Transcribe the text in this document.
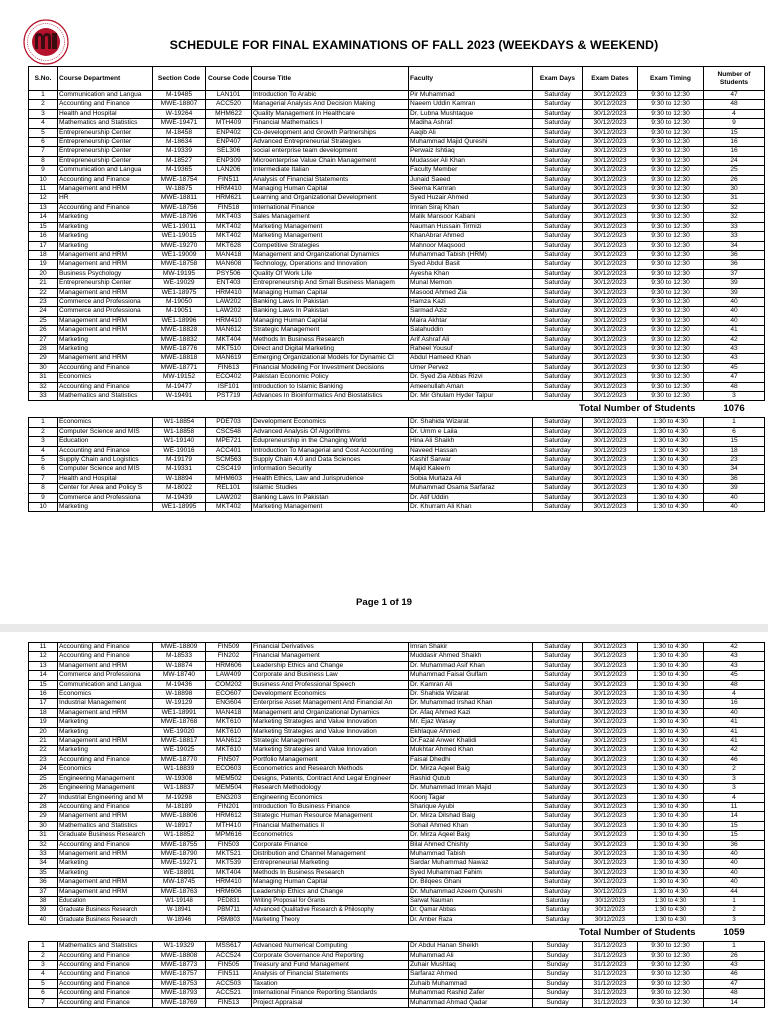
SCHEDULE FOR FINAL EXAMINATIONS OF FALL 2023 (WEEKDAYS & WEEKEND)
S.No.	Course Department	Section Code	Course Code	Course Title	Faculty	Exam Days	Exam Dates	Exam Timing	Number of Students
1	Communication and Langua	M-19485	LAN101	Introduction To Arabic	Pir Muhammad	Saturday	30/12/2023	9:30 to 12:30	47
2	Accounting and Finance	MWE-18807	ACC520	Managerial Analysis And Decision Making	Naeem Uddin Kamran	Saturday	30/12/2023	9:30 to 12:30	48
3	Health and Hospital	W-19264	MHM622	Quality Management In Healthcare	Dr. Lubna Mushtaque	Saturday	30/12/2023	9:30 to 12:30	4
4	Mathematics and Statistics	MWE-19471	MTH409	Financial Mathematics I	Madiha Ashraf	Saturday	30/12/2023	9:30 to 12:30	9
5	Entrepreneurship Center	M-18458	ENP402	Co-development and Growth Partnerships	Aaqib Ali	Saturday	30/12/2023	9:30 to 12:30	15
6	Entrepreneurship Center	M-18634	ENP407	Advanced Entrepreneurial Strategies	Muhammad Majid Qureshi	Saturday	30/12/2023	9:30 to 12:30	16
7	Entrepreneurship Center	M-19339	SEL306	social enterprise team development	Perwaiz Ishtiaq	Saturday	30/12/2023	9:30 to 12:30	16
8	Entrepreneurship Center	M-18527	ENP309	Microenterprise Value Chain Management	Mudasser Ali Khan	Saturday	30/12/2023	9:30 to 12:30	24
9	Communication and Langua	M-19365	LAN206	Intermediate Italian	Faculty Member	Saturday	30/12/2023	9:30 to 12:30	25
10	Accounting and Finance	MWE-18754	FIN511	Analysis of Financial Statements	Junaid Saeed	Saturday	30/12/2023	9:30 to 12:30	26
11	Management and HRM	W-18875	HRM410	Managing Human Capital	Seema Kamran	Saturday	30/12/2023	9:30 to 12:30	30
12	HR	MWE-18811	HRM621	Learning and Organizational Development	Syed Huzair Ahmed	Saturday	30/12/2023	9:30 to 12:30	31
13	Accounting and Finance	MWE-18756	FIN518	International Finance	Imran Siraj Khan	Saturday	30/12/2023	9:30 to 12:30	32
14	Marketing	MWE-18796	MKT403	Sales Management	Malik Mansoor Kabani	Saturday	30/12/2023	9:30 to 12:30	32
15	Marketing	WE1-19011	MKT402	Marketing Management	Nauman Hussain Tirmizi	Saturday	30/12/2023	9:30 to 12:30	33
16	Marketing	WE1-19015	MKT402	Marketing Management	KhanAbrar Ahmed	Saturday	30/12/2023	9:30 to 12:30	33
17	Marketing	MWE-19270	MKT628	Competitive Strategies	Mahnoor Maqsood	Saturday	30/12/2023	9:30 to 12:30	34
18	Management and HRM	WE1-19009	MAN418	Management and Organizational Dynamics	Muhammad Tabish (HRM)	Saturday	30/12/2023	9:30 to 12:30	36
19	Management and HRM	MWE-18758	MAN608	Technology, Operations and Innovation	Syed Abdul Basit	Saturday	30/12/2023	9:30 to 12:30	36
20	Business Psychology	MW-19195	PSY506	Quality Of Work Life	Ayesha Khan	Saturday	30/12/2023	9:30 to 12:30	37
21	Entrepreneurship Center	WE-19029	ENT403	Entrepreneurship And Small Business Managem	Munal Memon	Saturday	30/12/2023	9:30 to 12:30	39
22	Management and HRM	WE1-18975	HRM410	Managing Human Capital	Masood Ahmed Zia	Saturday	30/12/2023	9:30 to 12:30	39
23	Commerce and Professiona	M-19050	LAW202	Banking Laws In Pakistan	Hamza Kazi	Saturday	30/12/2023	9:30 to 12:30	40
24	Commerce and Professiona	M-19051	LAW202	Banking Laws In Pakistan	Sarmad Aziz	Saturday	30/12/2023	9:30 to 12:30	40
25	Management and HRM	WE1-18996	HRM410	Managing Human Capital	Maira Akhtar	Saturday	30/12/2023	9:30 to 12:30	40
26	Management and HRM	MWE-18828	MAN612	Strategic Management	Salahuddin	Saturday	30/12/2023	9:30 to 12:30	41
27	Marketing	MWE-18832	MKT404	Methods In Business Research	Arif Ashraf Ali	Saturday	30/12/2023	9:30 to 12:30	42
28	Marketing	MWE-18776	MKT510	Direct and Digital Marketing	Raheel Yousuf	Saturday	30/12/2023	9:30 to 12:30	43
29	Management and HRM	MWE-18818	MAN619	Emerging Organizational Models for Dynamic Cl	Abdul Hameed Khan	Saturday	30/12/2023	9:30 to 12:30	43
30	Accounting and Finance	MWE-18771	FIN613	Financial Modeling For Investment Decisions	Umer Pervez	Saturday	30/12/2023	9:30 to 12:30	45
31	Economics	MW-19152	ECO402	Pakistan Economic Policy	Dr. Syed Zia Abbas Rizvi	Saturday	30/12/2023	9:30 to 12:30	47
32	Accounting and Finance	M-19477	ISF101	Introduction to Islamic Banking	Ameenullah Aman	Saturday	30/12/2023	9:30 to 12:30	48
33	Mathematics and Statistics	W-19491	PST719	Advances In Bioinformatics And Biostatistics	Dr. Mir Ghulam Hyder Talpur	Saturday	30/12/2023	9:30 to 12:30	3
Total Number of Students									1076
1	Economics	W1-18854	PDE703	Development Economics	Dr. Shahida Wizarat	Saturday	30/12/2023	1:30 to 4:30	1
2	Computer Science and MIS	W1-18858	CSC548	Advanced Analysis Of Algorithms	Dr. Umm e Laila	Saturday	30/12/2023	1:30 to 4:30	6
3	Education	W1-19140	MPE721	Edupreneurship in the Changing World	Hina Ali Shaikh	Saturday	30/12/2023	1:30 to 4:30	15
4	Accounting and Finance	WE-19016	ACC401	Introduction To Managerial and Cost Accounting	Naveed Hassan	Saturday	30/12/2023	1:30 to 4:30	18
5	Supply Chain and Logistics	M-19179	SCM563	Supply Chain 4.0 and Data Sciences	Kashif Sarwar	Saturday	30/12/2023	1:30 to 4:30	23
6	Computer Science and MIS	M-19331	CSC419	Information Security	Majid Kaleem	Saturday	30/12/2023	1:30 to 4:30	34
7	Health and Hospital	W-18894	MHM603	Health Ethics, Law and Jurisprudence	Sobia Murtaza Ali	Saturday	30/12/2023	1:30 to 4:30	36
8	Center for Area and Policy S	M-18022	REL101	Islamic Studies	Muhammad Osama Sarfaraz	Saturday	30/12/2023	1:30 to 4:30	39
9	Commerce and Professiona	M-19439	LAW202	Banking Laws In Pakistan	Dr. Atif Uddin	Saturday	30/12/2023	1:30 to 4:30	40
10	Marketing	WE1-18995	MKT402	Marketing Management	Dr. Khurram Ali Khan	Saturday	30/12/2023	1:30 to 4:30	40
Page 1 of 19
11	Accounting and Finance	MWE-18809	FIN509	Financial Derivatives	Imran Shakir	Saturday	30/12/2023	1:30 to 4:30	42
12	Accounting and Finance	M-18533	FIN202	Financial Management	Muddasir Ahmed Shaikh	Saturday	30/12/2023	1:30 to 4:30	43
13	Management and HRM	W-18874	HRM606	Leadership Ethics and Change	Dr. Muhammad Asif Khan	Saturday	30/12/2023	1:30 to 4:30	43
14	Commerce and Professiona	MW-18740	LAW409	Corporate and Business Law	Muhammad Faisal Gulfam	Saturday	30/12/2023	1:30 to 4:30	45
15	Communication and Langua	M-19436	COM202	Business And Professional Speech	Dr. Kamran Ali	Saturday	30/12/2023	1:30 to 4:30	48
16	Economics	W-18898	ECO607	Development Economics	Dr. Shahida Wizarat	Saturday	30/12/2023	1:30 to 4:30	4
17	Industrial Management	W-19129	ENG604	Enterprise Asset Management And Financial An	Dr. Muhammad Irshad Khan	Saturday	30/12/2023	1:30 to 4:30	16
18	Management and HRM	WE1-18991	MAN418	Management and Organizational Dynamics	Dr. Afaq Ahmed Kazi	Saturday	30/12/2023	1:30 to 4:30	40
19	Marketing	MWE-18768	MKT610	Marketing Strategies and Value Innovation	Mr. Ejaz Wasay	Saturday	30/12/2023	1:30 to 4:30	41
20	Marketing	WE-19020	MKT610	Marketing Strategies and Value Innovation	Ekhlaque Ahmed	Saturday	30/12/2023	1:30 to 4:30	41
21	Management and HRM	MWE-18817	MAN612	Strategic Management	Dr.Fazal Anwer Khalidi	Saturday	30/12/2023	1:30 to 4:30	41
22	Marketing	WE-19025	MKT610	Marketing Strategies and Value Innovation	Mukhtar Ahmed Khan	Saturday	30/12/2023	1:30 to 4:30	42
23	Accounting and Finance	MWE-18770	FIN507	Portfolio Management	Faisal Dhedhi	Saturday	30/12/2023	1:30 to 4:30	46
24	Economics	W1-18839	ECO603	Econometrics and Research Methods	Dr. Mirza Aqeel Baig	Saturday	30/12/2023	1:30 to 4:30	2
25	Engineering Management	W-19308	MEM502	Designs, Patents, Contract And Legal Engineer	Rashid Qutub	Saturday	30/12/2023	1:30 to 4:30	3
26	Engineering Management	W1-18837	MEM504	Research Methodology	Dr. Muhammad Imran Majid	Saturday	30/12/2023	1:30 to 4:30	3
27	Industrial Engineering and M	M-19298	ENG203	Engineering Economics	Koonj Tagar	Saturday	30/12/2023	1:30 to 4:30	4
28	Accounting and Finance	M-18189	FIN201	Introduction To Business Finance	Sharique Ayubi	Saturday	30/12/2023	1:30 to 4:30	11
29	Management and HRM	MWE-18806	HRM612	Strategic Human Resource Management	Dr. Mirza Dilshad Baig	Saturday	30/12/2023	1:30 to 4:30	14
30	Mathematics and Statistics	W-18917	MTH410	Financial Mathematics II	Sohail Ahmed Khan	Saturday	30/12/2023	1:30 to 4:30	15
31	Graduate Business Research	W1-18852	MPM616	Econometrics	Dr. Mirza Aqeel Baig	Saturday	30/12/2023	1:30 to 4:30	15
32	Accounting and Finance	MWE-18755	FIN503	Corporate Finance	Bilal Ahmed Chishty	Saturday	30/12/2023	1:30 to 4:30	36
33	Management and HRM	MWE-18790	MKT521	Distribution and Channel Management	Muhammad Tabish	Saturday	30/12/2023	1:30 to 4:30	40
34	Marketing	MWE-19271	MKT539	Entrepreneurial Marketing	Sardar Muhammad Nawaz	Saturday	30/12/2023	1:30 to 4:30	40
35	Marketing	WE-18891	MKT404	Methods In Business Research	Syed Muhammad Fahim	Saturday	30/12/2023	1:30 to 4:30	40
36	Management and HRM	MW-18745	HRM410	Managing Human Capital	Dr. Bilqees Ghani	Saturday	30/12/2023	1:30 to 4:30	40
37	Management and HRM	MWE-18763	HRM606	Leadership Ethics and Change	Dr. Muhammad Azeem Qureshi	Saturday	30/12/2023	1:30 to 4:30	44
38	Education	W1-19148	PED831	Writing Proposal for Grants	Sarwat Nauman	Saturday	30/12/2023	1:30 to 4:30	1
39	Graduate Business Research	W-18941	PBM711	Advanced Qualitative Research & Philosophy	Dr. Qamar Abbas	Saturday	30/12/2023	1:30 to 4:30	2
40	Graduate Business Research	W-18946	PBM803	Marketing Theory	Dr. Amber Raza	Saturday	30/12/2023	1:30 to 4:30	3
Total Number of Students									1059
1	Mathematics and Statistics	W1-19329	MSS617	Advanced Numerical Computing	Dr Abdul Hanan Sheikh	Sunday	31/12/2023	9:30 to 12:30	1
2	Accounting and Finance	MWE-18808	ACC524	Corporate Governance And Reporting	Muhammad Ali	Sunday	31/12/2023	9:30 to 12:30	26
3	Accounting and Finance	MWE-18773	FIN505	Treasury and Fund Management	Zuhair Mushtaq	Sunday	31/12/2023	9:30 to 12:30	43
4	Accounting and Finance	MWE-18757	FIN511	Analysis of Financial Statements	Sarfaraz Ahmed	Sunday	31/12/2023	9:30 to 12:30	46
5	Accounting and Finance	MWE-18753	ACC503	Taxation	Zuhaib Muhammad	Sunday	31/12/2023	9:30 to 12:30	47
6	Accounting and Finance	MWE-18793	ACC521	International Finance Reporting Standards	Muhammad Rashid Zafer	Sunday	31/12/2023	9:30 to 12:30	48
7	Accounting and Finance	MWE-18769	FIN513	Project Appraisal	Muhammad Ahmad Qadar	Sunday	31/12/2023	9:30 to 12:30	14
